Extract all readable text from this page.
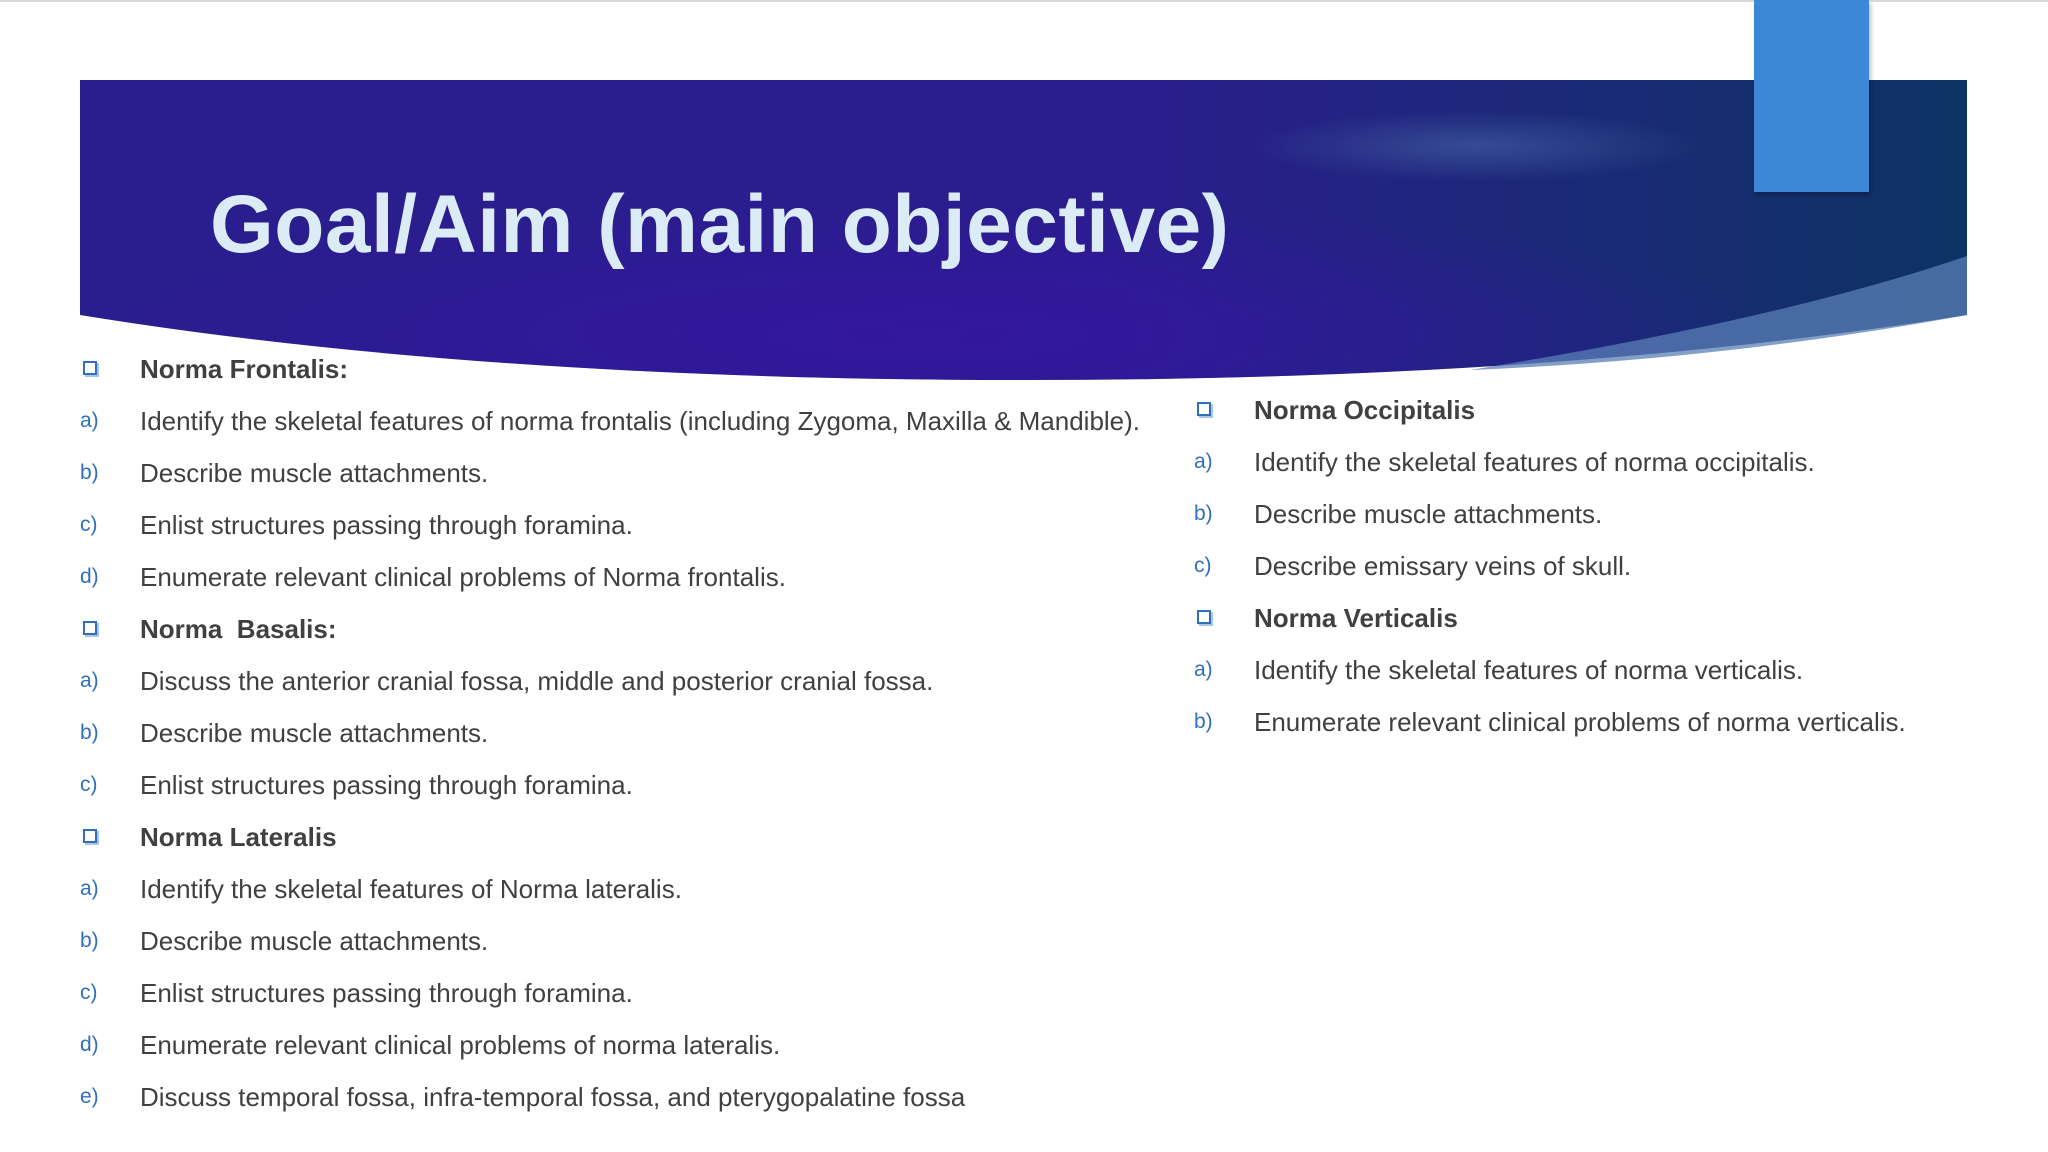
Goal/Aim (main objective)
Norma Frontalis:
a)	Identify the skeletal features of norma frontalis (including Zygoma, Maxilla & Mandible).
b)	Describe muscle attachments.
c)	Enlist structures passing through foramina.
d)	Enumerate relevant clinical problems of Norma frontalis.
Norma  Basalis:
a)	Discuss the anterior cranial fossa, middle and posterior cranial fossa.
b)	Describe muscle attachments.
c)	Enlist structures passing through foramina.
Norma Lateralis
a)	Identify the skeletal features of Norma lateralis.
b)	Describe muscle attachments.
c)	Enlist structures passing through foramina.
d)	Enumerate relevant clinical problems of norma lateralis.
e)	Discuss temporal fossa, infra-temporal fossa, and pterygopalatine fossa
Norma Occipitalis
a)	Identify the skeletal features of norma occipitalis.
b)	Describe muscle attachments.
c)	Describe emissary veins of skull.
Norma Verticalis
a)	Identify the skeletal features of norma verticalis.
b)	Enumerate relevant clinical problems of norma verticalis.
